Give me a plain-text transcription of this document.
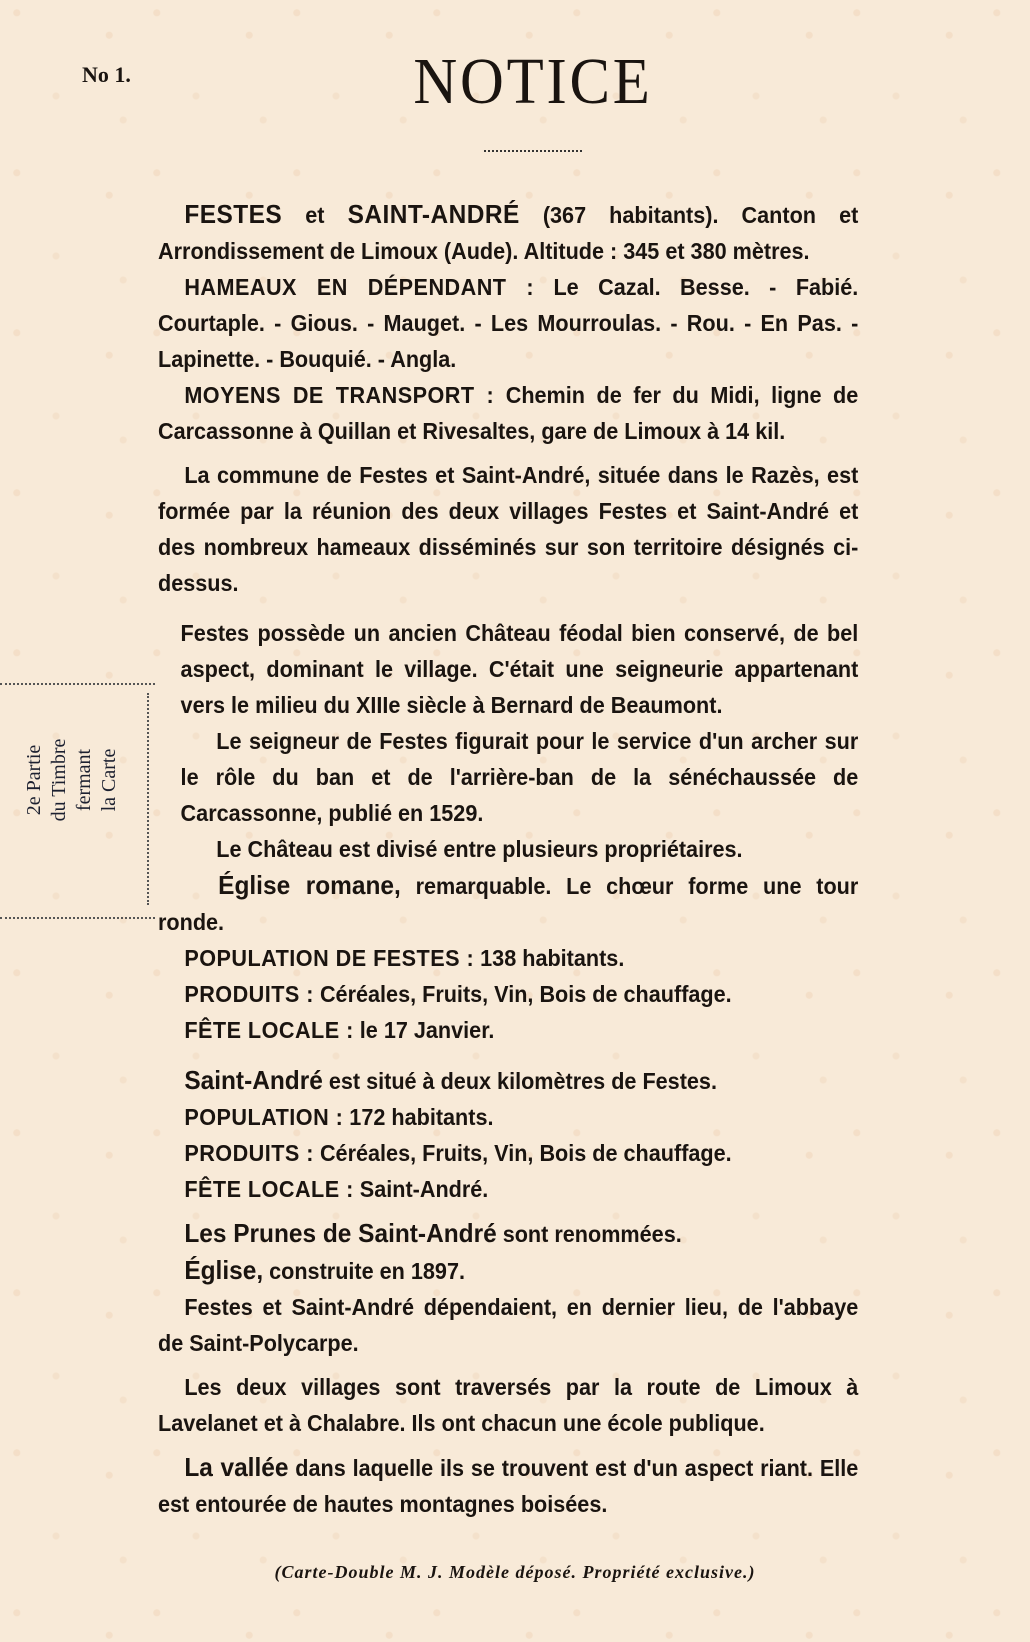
No 1.	NOTICE
2e Partie du Timbre fermant la Carte

FESTES et SAINT-ANDRÉ (367 habitants). Canton et Arrondissement de Limoux (Aude). Altitude : 345 et 380 mètres.

HAMEAUX EN DÉPENDANT : Le Cazal. Besse. - Fabié. Courtaple. - Gious. - Mauget. - Les Mourroulas. - Rou. - En Pas. - Lapinette. - Bouquié. - Angla.

MOYENS DE TRANSPORT : Chemin de fer du Midi, ligne de Carcassonne à Quillan et Rivesaltes, gare de Limoux à 14 kil.

La commune de Festes et Saint-André, située dans le Razès, est formée par la réunion des deux villages Festes et Saint-André et des nombreux hameaux disséminés sur son territoire désignés ci-dessus.

Festes possède un ancien Château féodal bien conservé, de bel aspect, dominant le village. C'était une seigneurie appartenant vers le milieu du XIIIe siècle à Bernard de Beaumont.

Le seigneur de Festes figurait pour le service d'un archer sur le rôle du ban et de l'arrière-ban de la sénéchaussée de Carcassonne, publié en 1529.

Le Château est divisé entre plusieurs propriétaires.

Église romane, remarquable. Le chœur forme une tour ronde.

POPULATION DE FESTES : 138 habitants.

PRODUITS : Céréales, Fruits, Vin, Bois de chauffage.

FÊTE LOCALE : le 17 Janvier.

Saint-André est situé à deux kilomètres de Festes.

POPULATION : 172 habitants.

PRODUITS : Céréales, Fruits, Vin, Bois de chauffage.

FÊTE LOCALE : Saint-André.

Les Prunes de Saint-André sont renommées.

Église, construite en 1897.

Festes et Saint-André dépendaient, en dernier lieu, de l'abbaye de Saint-Polycarpe.

Les deux villages sont traversés par la route de Limoux à Lavelanet et à Chalabre. Ils ont chacun une école publique.

La vallée dans laquelle ils se trouvent est d'un aspect riant. Elle est entourée de hautes montagnes boisées.

(Carte-Double M. J. Modèle déposé. Propriété exclusive.)
